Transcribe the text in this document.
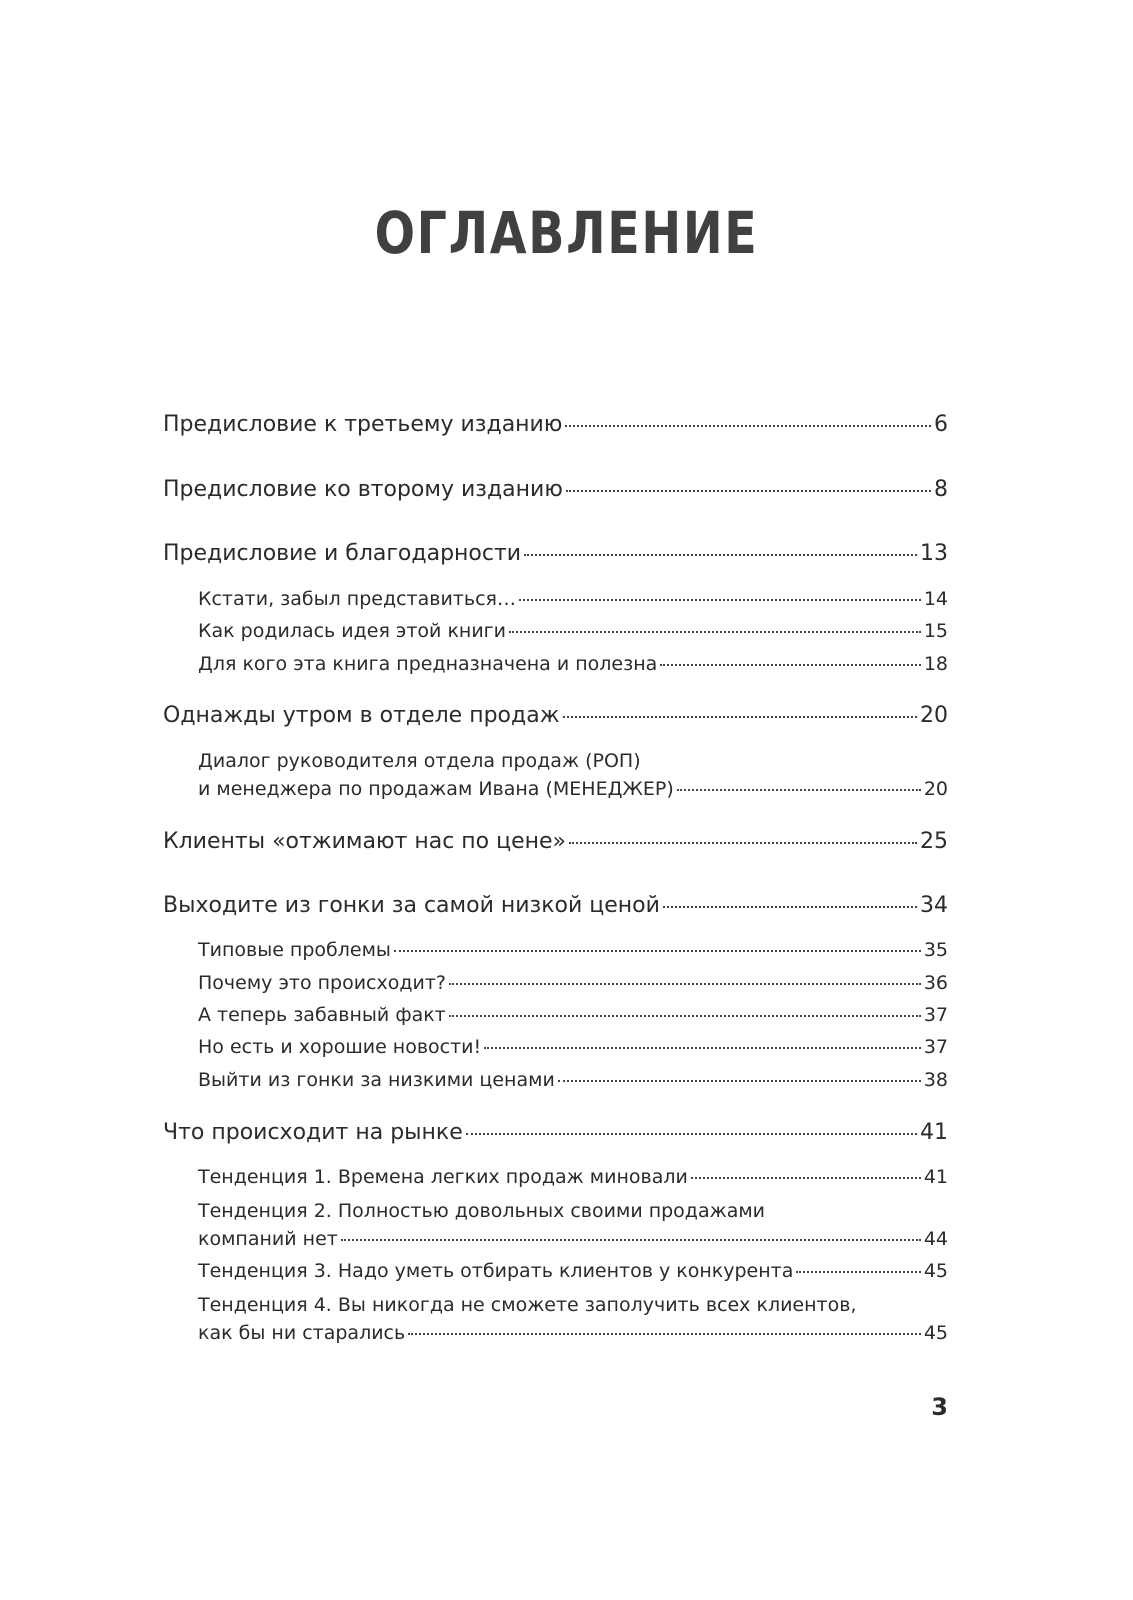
ОГЛАВЛЕНИЕ
Предисловие к третьему изданию	6
Предисловие ко второму изданию	8
Предисловие и благодарности	13
Кстати, забыл представиться…	14
Как родилась идея этой книги	15
Для кого эта книга предназначена и полезна	18
Однажды утром в отделе продаж	20
Диалог руководителя отдела продаж (РОП)
и менеджера по продажам Ивана (МЕНЕДЖЕР)	20
Клиенты «отжимают нас по цене»	25
Выходите из гонки за самой низкой ценой	34
Типовые проблемы	35
Почему это происходит?	36
А теперь забавный факт	37
Но есть и хорошие новости!	37
Выйти из гонки за низкими ценами	38
Что происходит на рынке	41
Тенденция 1. Времена легких продаж миновали	41
Тенденция 2. Полностью довольных своими продажами
компаний нет	44
Тенденция 3. Надо уметь отбирать клиентов у конкурента	45
Тенденция 4. Вы никогда не сможете заполучить всех клиентов,
как бы ни старались	45
3
